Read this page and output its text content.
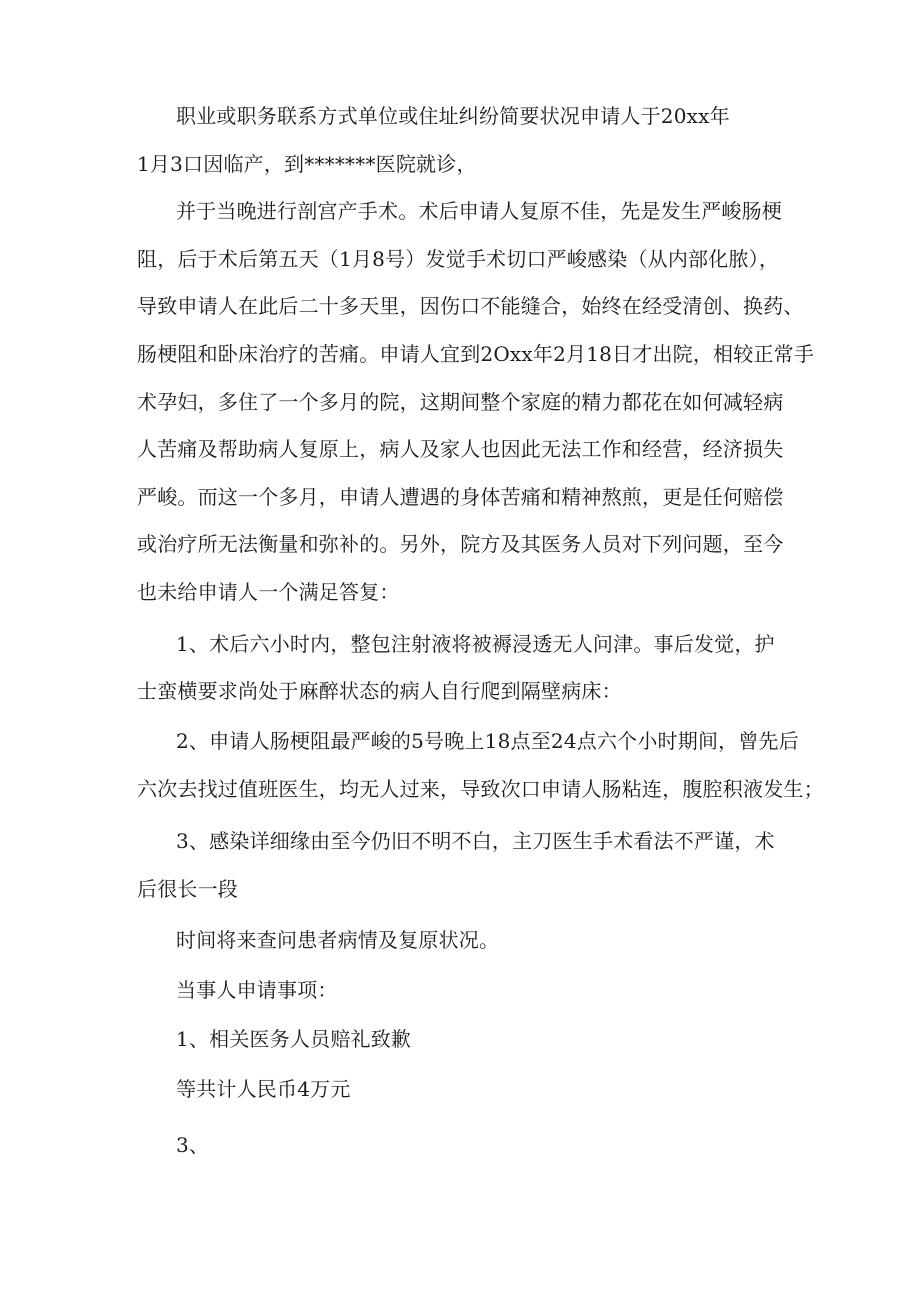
职业或职务联系方式单位或住址纠纷简要状况申请人于20xx年
1月3口因临产，到*******医院就诊，
并于当晚进行剖宫产手术。术后申请人复原不佳，先是发生严峻肠梗
阻，后于术后第五天（1月8号）发觉手术切口严峻感染（从内部化脓），
导致申请人在此后二十多天里，因伤口不能缝合，始终在经受清创、换药、
肠梗阻和卧床治疗的苦痛。申请人宜到2Oxx年2月18日才出院，相较正常手
术孕妇，多住了一个多月的院，这期间整个家庭的精力都花在如何减轻病
人苦痛及帮助病人复原上，病人及家人也因此无法工作和经营，经济损失
严峻。而这一个多月，申请人遭遇的身体苦痛和精神熬煎，更是任何赔偿
或治疗所无法衡量和弥补的。另外，院方及其医务人员对下列问题，至今
也未给申请人一个满足答复：
1、术后六小时内，整包注射液将被褥浸透无人问津。事后发觉，护
士蛮横要求尚处于麻醉状态的病人自行爬到隔壁病床：
2、申请人肠梗阻最严峻的5号晚上18点至24点六个小时期间，曾先后
六次去找过值班医生，均无人过来，导致次口申请人肠粘连，腹腔积液发生；
3、感染详细缘由至今仍旧不明不白，主刀医生手术看法不严谨，术
后很长一段
时间将来查问患者病情及复原状况。
当事人申请事项：
1、相关医务人员赔礼致歉
等共计人民币4万元
3、
